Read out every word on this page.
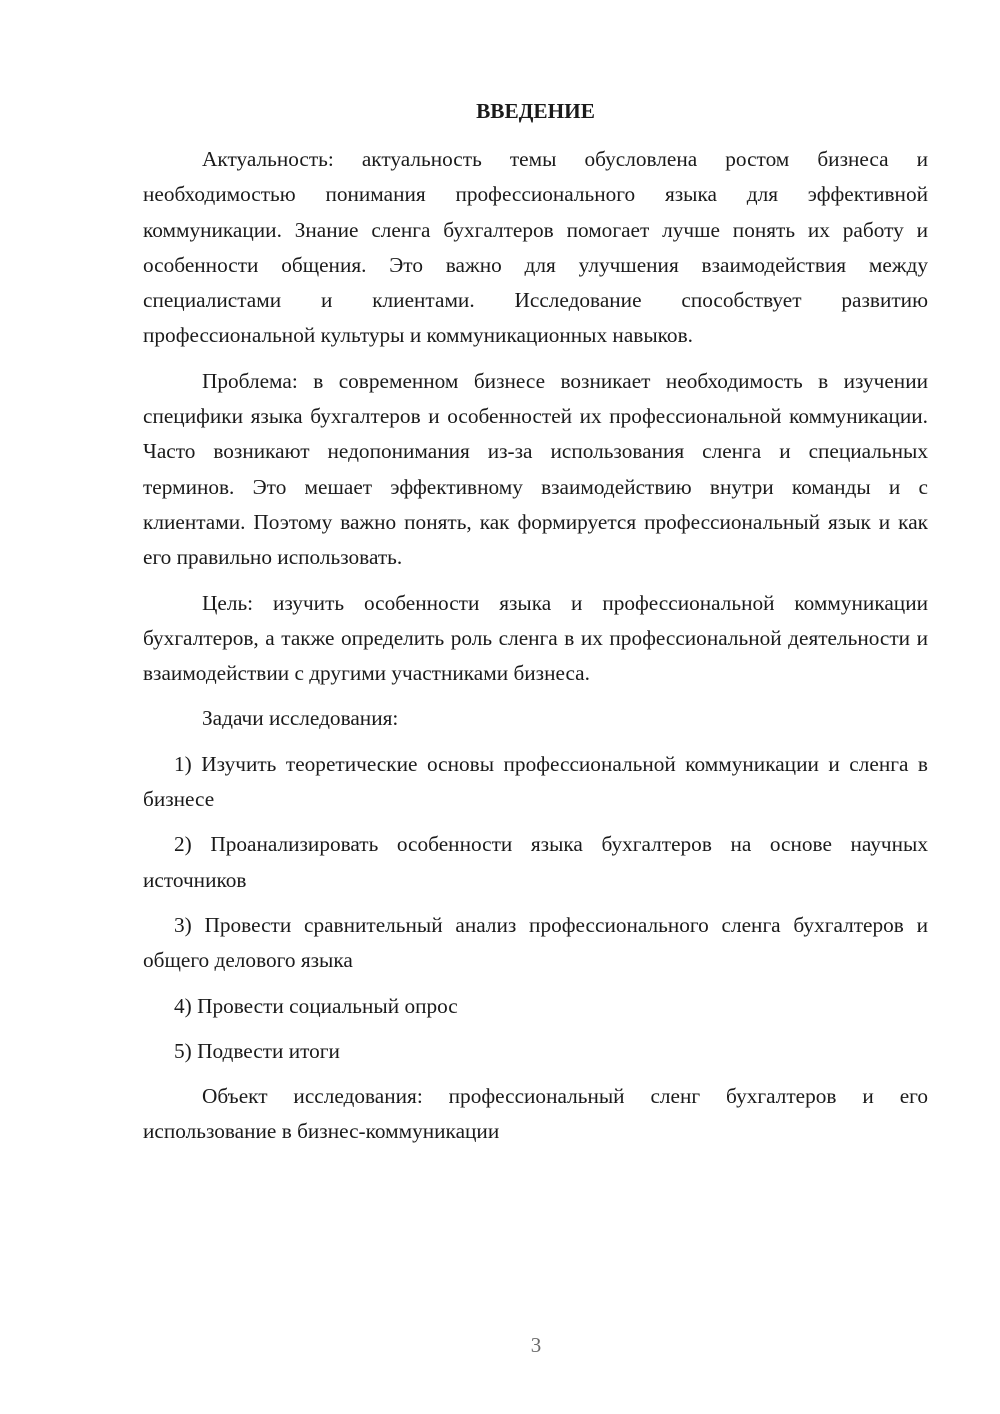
ВВЕДЕНИЕ

Актуальность: актуальность темы обусловлена ростом бизнеса и необходимостью понимания профессионального языка для эффективной коммуникации. Знание сленга бухгалтеров помогает лучше понять их работу и особенности общения. Это важно для улучшения взаимодействия между специалистами и клиентами. Исследование способствует развитию профессиональной культуры и коммуникационных навыков.

Проблема: в современном бизнесе возникает необходимость в изучении специфики языка бухгалтеров и особенностей их профессиональной коммуникации. Часто возникают недопонимания из-за использования сленга и специальных терминов. Это мешает эффективному взаимодействию внутри команды и с клиентами. Поэтому важно понять, как формируется профессиональный язык и как его правильно использовать.

Цель: изучить особенности языка и профессиональной коммуникации бухгалтеров, а также определить роль сленга в их профессиональной деятельности и взаимодействии с другими участниками бизнеса.

Задачи исследования:

1) Изучить теоретические основы профессиональной коммуникации и сленга в бизнесе

2) Проанализировать особенности языка бухгалтеров на основе научных источников

3) Провести сравнительный анализ профессионального сленга бухгалтеров и общего делового языка

4) Провести социальный опрос

5) Подвести итоги

Объект исследования: профессиональный сленг бухгалтеров и его использование в бизнес-коммуникации

3
